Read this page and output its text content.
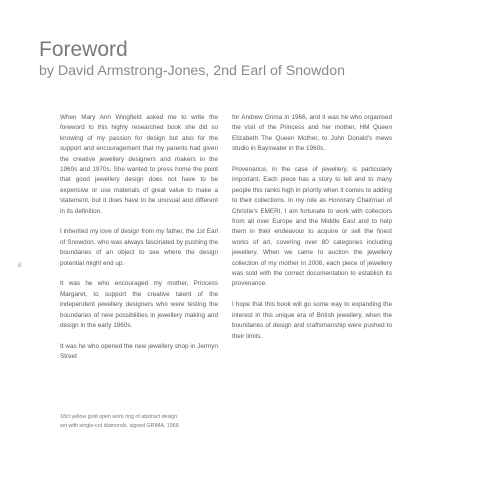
Foreword
by David Armstrong-Jones, 2nd Earl of Snowdon

When Mary Ann Wingfield asked me to write the foreword to this highly researched book she did so knowing of my passion for design but also for the support and encouragement that my parents had given the creative jewellery designers and makers in the 1960s and 1970s. She wanted to press home the point that good jewellery design does not have to be expensive or use materials of great value to make a statement, but it does have to be unusual and different in its definition.

I inherited my love of design from my father, the 1st Earl of Snowdon, who was always fascinated by pushing the boundaries of an object to see where the design potential might end up.

It was he who encouraged my mother, Princess Margaret, to support the creative talent of the independent jewellery designers who were testing the boundaries of new possibilities in jewellery making and design in the early 1960s.

It was he who opened the new jewellery shop in Jermyn Street

for Andrew Grima in 1966, and it was he who organised the visit of the Princess and her mother, HM Queen Elizabeth The Queen Mother, to John Donald's mews studio in Bayswater in the 1960s.

Provenance, in the case of jewellery, is particularly important. Each piece has a story to tell and to many people this ranks high in priority when it comes to adding to their collections. In my role as Honorary Chairman of Christie's EMERI, I am fortunate to work with collectors from all over Europe and the Middle East and to help them in their endeavour to acquire or sell the finest works of art, covering over 80 categories including jewellery. When we came to auction the jewellery collection of my mother in 2006, each piece of jewellery was sold with the correct documentation to establish its provenance.

I hope that this book will go some way to expanding the interest in this unique era of British jewellery, when the boundaries of design and craftsmanship were pushed to their limits.

8
18ct yellow gold open work ring of abstract design
set with single-cut diamonds, signed GRIMA, 1968
